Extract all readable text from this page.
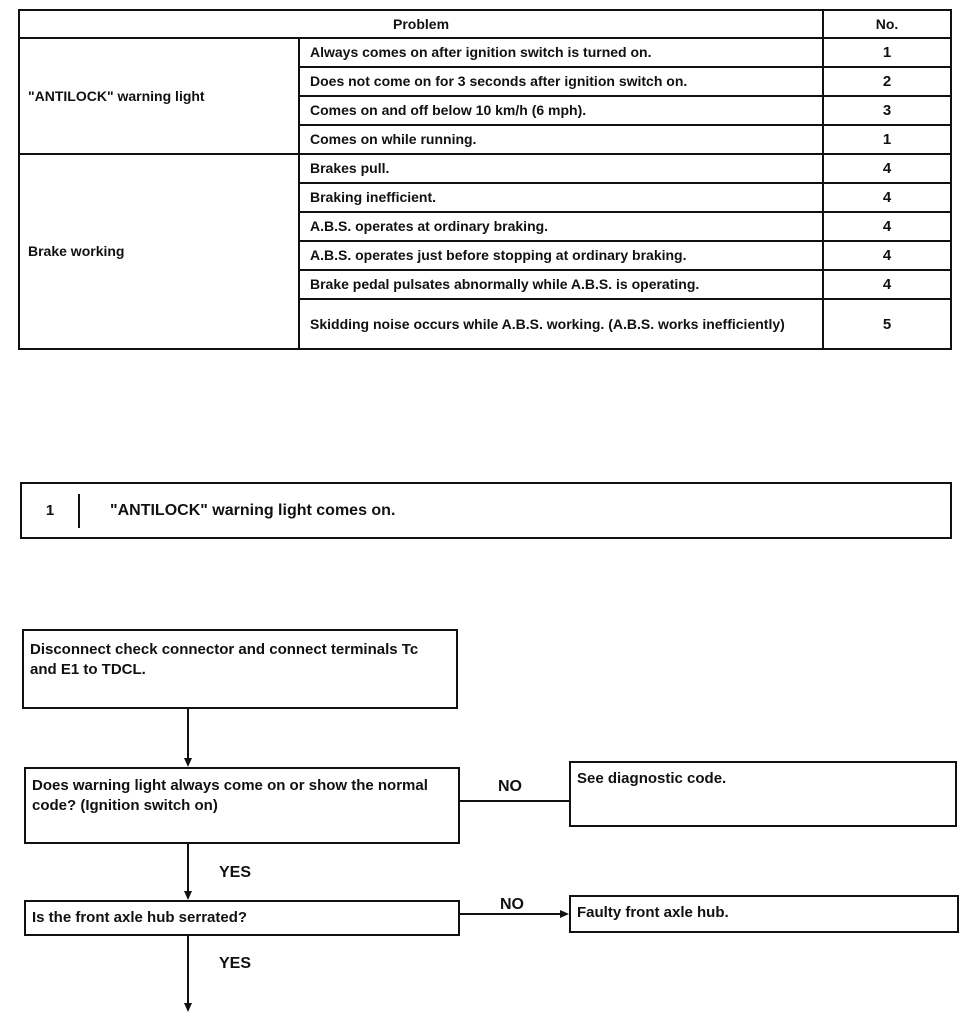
Problem		No.
"ANTILOCK" warning light	Always comes on after ignition switch is turned on.	1
	Does not come on for 3 seconds after ignition switch on.	2
	Comes on and off below 10 km/h (6 mph).	3
	Comes on while running.	1
Brake working	Brakes pull.	4
	Braking inefficient.	4
	A.B.S. operates at ordinary braking.	4
	A.B.S. operates just before stopping at ordinary braking.	4
	Brake pedal pulsates abnormally while A.B.S. is operating.	4
	Skidding noise occurs while A.B.S. working. (A.B.S. works inefficiently)	5
1	"ANTILOCK" warning light comes on.
Disconnect check connector and connect terminals Tc and E1 to TDCL.
Does warning light always come on or show the normal code? (Ignition switch on)
NO	See diagnostic code.
YES
Is the front axle hub serrated?
NO	Faulty front axle hub.
YES
